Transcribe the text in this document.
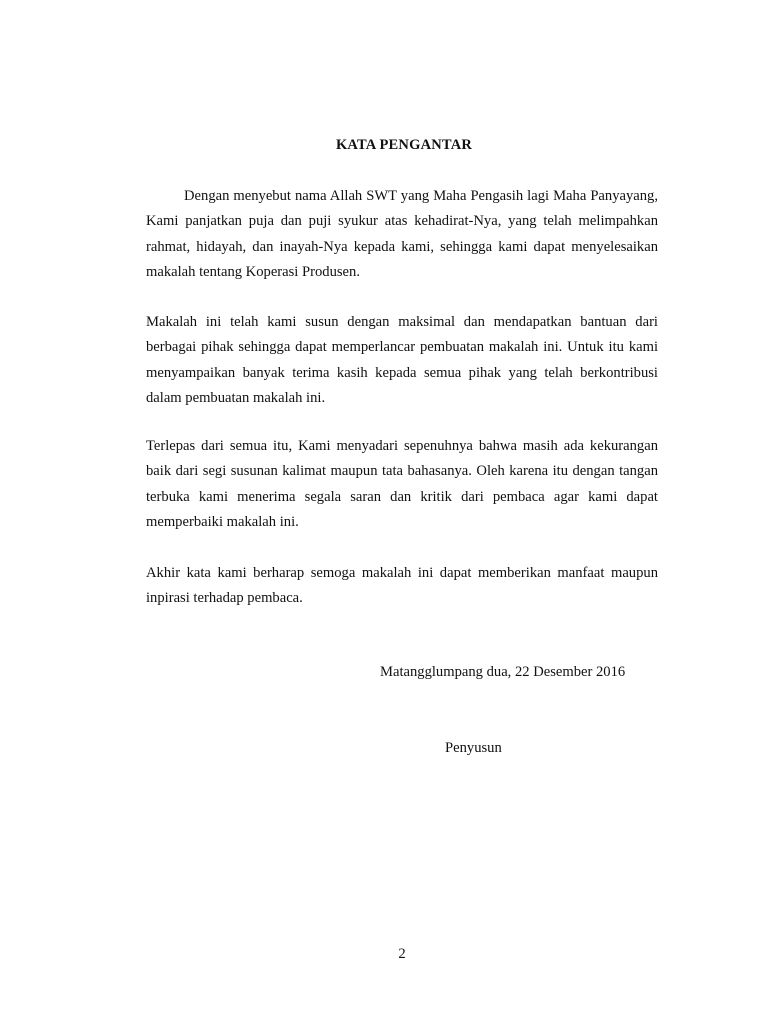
KATA PENGANTAR

Dengan menyebut nama Allah SWT yang Maha Pengasih lagi Maha Panyayang, Kami panjatkan puja dan puji syukur atas kehadirat-Nya, yang telah melimpahkan rahmat, hidayah, dan inayah-Nya kepada kami, sehingga kami dapat menyelesaikan makalah tentang Koperasi Produsen.

Makalah ini telah kami susun dengan maksimal dan mendapatkan bantuan dari berbagai pihak sehingga dapat memperlancar pembuatan makalah ini. Untuk itu kami menyampaikan banyak terima kasih kepada semua pihak yang telah berkontribusi dalam pembuatan makalah ini.

Terlepas dari semua itu, Kami menyadari sepenuhnya bahwa masih ada kekurangan baik dari segi susunan kalimat maupun tata bahasanya. Oleh karena itu dengan tangan terbuka kami menerima segala saran dan kritik dari pembaca agar kami dapat memperbaiki makalah ini.

Akhir kata kami berharap semoga makalah ini dapat memberikan manfaat maupun inpirasi terhadap pembaca.

Matangglumpang dua, 22 Desember 2016
Penyusun
2
